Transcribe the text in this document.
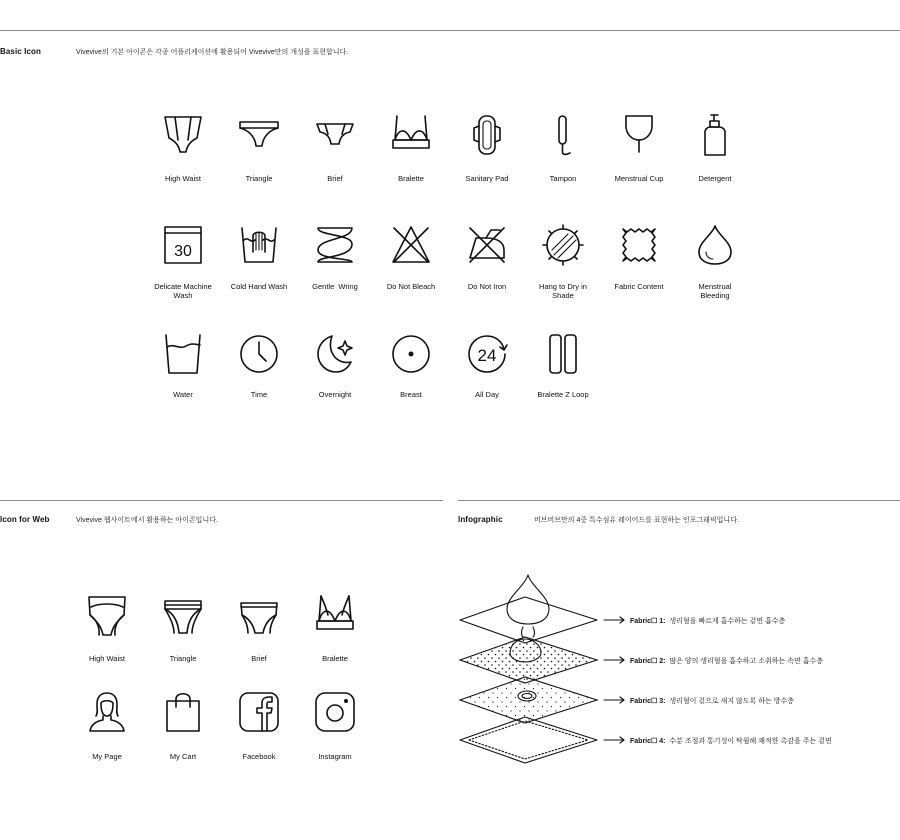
Basic Icon	Vivevive의 기본 아이콘은 각종 어플리케이션에 활용되어 Vivevive만의 개성을 표현합니다.
Icon for Web	Vivevive 웹사이트에서 활용하는 아이콘입니다.	Infographic	비브비브만의 4중 특수섬유 레이어드를 표현하는 인포그래픽입니다.
30
24
High Waist	Triangle	Brief	Bralette	Sanitary Pad	Tampon	Menstrual Cup	Detergent
Delicate Machine Wash
Cold Hand Wash	Gentle  Wring	Do Not Bleach	Do Not Iron	Hang to Dry in Shade
Fabric Content	Menstrual Bleeding
Water	Time	Overnight	Breast	All Day	Bralette Z Loop
High Waist	Triangle	Brief	Bralette
My Page	My Cart	Facebook	Instagram
Fabric☐ 1: 생리혈을 빠르게 흡수하는 겉면 흡수층
Fabric☐ 2: 많은 양의 생리혈을 흡수하고 소취하는 속면 흡수층
Fabric☐ 3: 생리혈이 겉으로 새지 않도록 하는 방수층
Fabric☐ 4: 수분 조절과 통기성이 탁월해 쾌적한 촉감을 주는 겉면
